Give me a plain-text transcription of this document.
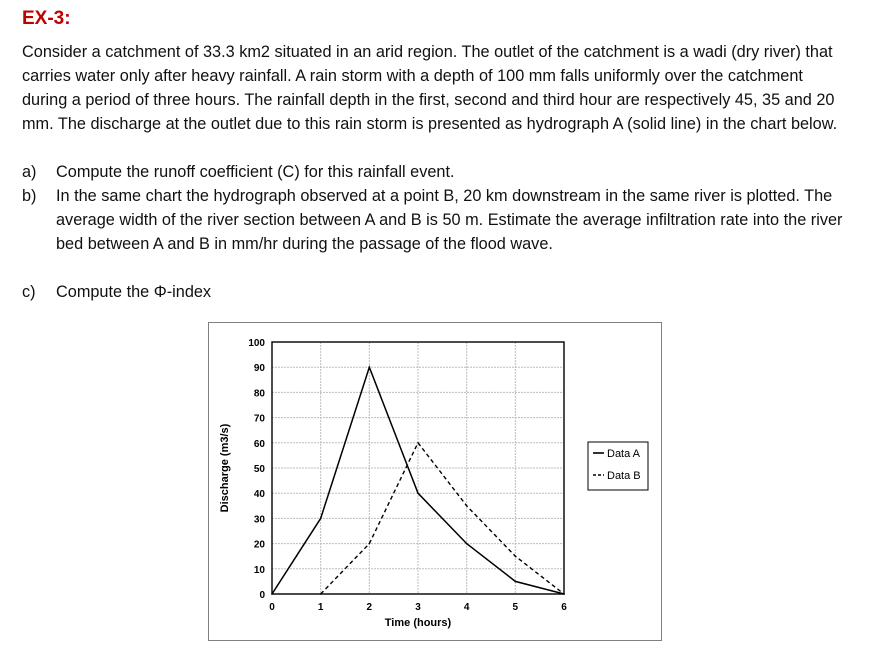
EX-3:
Consider a catchment of 33.3 km2 situated in an arid region. The outlet of the catchment is a wadi (dry river) that carries water only after heavy rainfall. A rain storm with a depth of 100 mm falls uniformly over the catchment during a period of three hours. The rainfall depth in the first, second and third hour are respectively 45, 35 and 20 mm. The discharge at the outlet due to this rain storm is presented as hydrograph A (solid line) in the chart below.
a) Compute the runoff coefficient (C) for this rainfall event.
b) In the same chart the hydrograph observed at a point B, 20 km downstream in the same river is plotted. The average width of the river section between A and B is 50 m. Estimate the average infiltration rate into the river bed between A and B in mm/hr during the passage of the flood wave.
c) Compute the Φ-index
0
10
20
30
40
50
60
70
80
90
100
0	1	2	3	4	5	6
Time (hours)
Discharge (m3/s)	Data A
Data B
